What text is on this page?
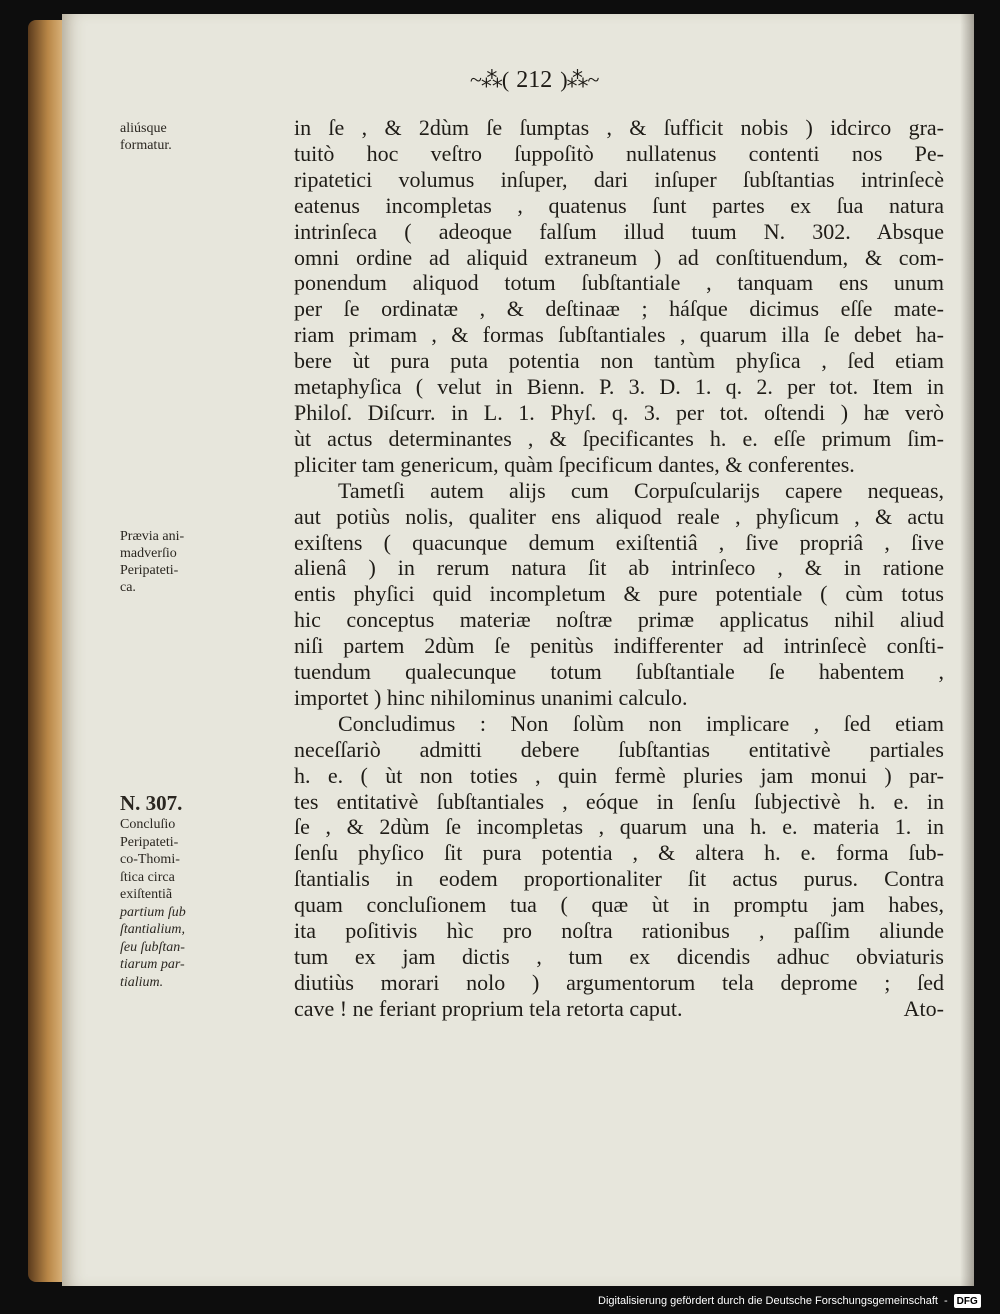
~⁂( 212 )⁂~
aliúsque
formatur.
Prævia ani-
madverſio
Peripateti-
ca.
N. 307.
Concluſio
Peripateti-
co-Thomi-
ſtica circa
exiſtentiã
partium ſub
ſtantialium,
ſeu ſubſtan-
tiarum par-
tialium.
in ſe , & 2dùm ſe ſumptas , & ſufficit nobis ) idcirco gra-
tuitò hoc veſtro ſuppoſitò nullatenus contenti nos Pe-
ripatetici volumus inſuper, dari inſuper ſubſtantias intrinſecè
eatenus incompletas , quatenus ſunt partes ex ſua natura
intrinſeca ( adeoque falſum illud tuum N. 302. Absque
omni ordine ad aliquid extraneum ) ad conſtituendum, & com-
ponendum aliquod totum ſubſtantiale , tanquam ens unum
per ſe ordinatæ , & deſtinaæ ; háſque dicimus eſſe mate-
riam primam , & formas ſubſtantiales , quarum illa ſe debet ha-
bere ùt pura puta potentia non tantùm phyſica , ſed etiam
metaphyſica ( velut in Bienn. P. 3. D. 1. q. 2. per tot. Item in
Philoſ. Diſcurr. in L. 1. Phyſ. q. 3. per tot. oſtendi ) hæ verò
ùt actus determinantes , & ſpecificantes h. e. eſſe primum ſim-
pliciter tam genericum, quàm ſpecificum dantes, & conferentes.
Tametſi autem alijs cum Corpuſcularijs capere nequeas,
aut potiùs nolis, qualiter ens aliquod reale , phyſicum , & actu
exiſtens ( quacunque demum exiſtentiâ , ſive propriâ , ſive
alienâ ) in rerum natura ſit ab intrinſeco , & in ratione
entis phyſici quid incompletum & pure potentiale ( cùm totus
hic conceptus materiæ noſtræ primæ applicatus nihil aliud
niſi partem 2dùm ſe penitùs indifferenter ad intrinſecè conſti-
tuendum qualecunque totum ſubſtantiale ſe habentem ,
importet ) hinc nihilominus unanimi calculo.
Concludimus : Non ſolùm non implicare , ſed etiam
neceſſariò admitti debere ſubſtantias entitativè partiales
h. e. ( ùt non toties , quin fermè pluries jam monui ) par-
tes entitativè ſubſtantiales , eóque in ſenſu ſubjectivè h. e. in
ſe , & 2dùm ſe incompletas , quarum una h. e. materia 1. in
ſenſu phyſico ſit pura potentia , & altera h. e. forma ſub-
ſtantialis in eodem proportionaliter ſit actus purus. Contra
quam concluſionem tua ( quæ ùt in promptu jam habes,
ita poſitivis hìc pro noſtra rationibus , paſſim aliunde
tum ex jam dictis , tum ex dicendis adhuc obviaturis
diutiùs morari nolo ) argumentorum tela deprome ; ſed
cave ! ne feriant proprium tela retorta caput.	Ato-
Digitalisierung gefördert durch die Deutsche Forschungsgemeinschaft - DFG
